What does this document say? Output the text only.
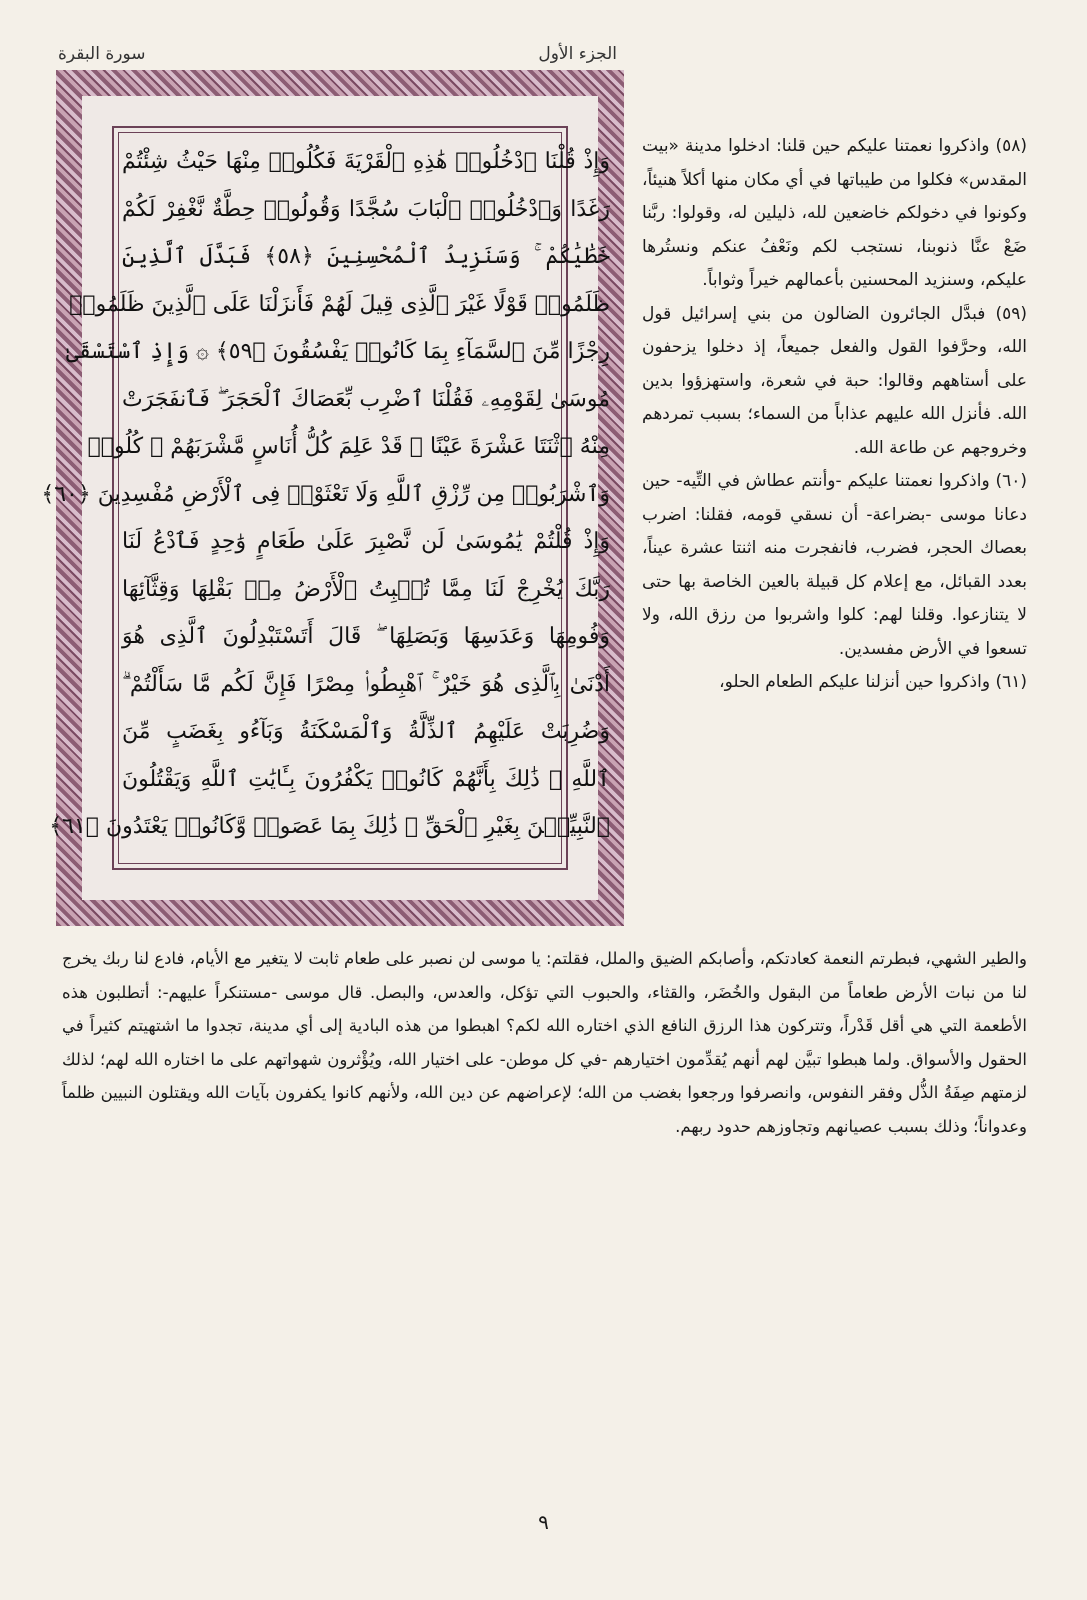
الجزء الأول
سورة البقرة
وَإِذْ قُلْنَا ٱدْخُلُوا۟ هَٰذِهِ ٱلْقَرْيَةَ فَكُلُوا۟ مِنْهَا حَيْثُ شِئْتُمْ
رَغَدًا وَٱدْخُلُوا۟ ٱلْبَابَ سُجَّدًا وَقُولُوا۟ حِطَّةٌ نَّغْفِرْ لَكُمْ
خَطَٰيَٰكُمْ ۚ وَسَنَزِيدُ ٱلْمُحْسِنِينَ ﴿٥٨﴾ فَبَدَّلَ ٱلَّذِينَ
ظَلَمُوا۟ قَوْلًا غَيْرَ ٱلَّذِى قِيلَ لَهُمْ فَأَنزَلْنَا عَلَى ٱلَّذِينَ ظَلَمُوا۟
رِجْزًا مِّنَ ٱلسَّمَآءِ بِمَا كَانُوا۟ يَفْسُقُونَ ﴿٥٩﴾ ۞ وَإِذِ ٱسْتَسْقَىٰ
مُوسَىٰ لِقَوْمِهِۦ فَقُلْنَا ٱضْرِب بِّعَصَاكَ ٱلْحَجَرَ ۖ فَٱنفَجَرَتْ
مِنْهُ ٱثْنَتَا عَشْرَةَ عَيْنًا ۖ قَدْ عَلِمَ كُلُّ أُنَاسٍ مَّشْرَبَهُمْ ۖ كُلُوا۟
وَٱشْرَبُوا۟ مِن رِّزْقِ ٱللَّهِ وَلَا تَعْثَوْا۟ فِى ٱلْأَرْضِ مُفْسِدِينَ ﴿٦٠﴾
وَإِذْ قُلْتُمْ يَٰمُوسَىٰ لَن نَّصْبِرَ عَلَىٰ طَعَامٍ وَٰحِدٍ فَٱدْعُ لَنَا
رَبَّكَ يُخْرِجْ لَنَا مِمَّا تُنۢبِتُ ٱلْأَرْضُ مِنۢ بَقْلِهَا وَقِثَّآئِهَا
وَفُومِهَا وَعَدَسِهَا وَبَصَلِهَا ۖ قَالَ أَتَسْتَبْدِلُونَ ٱلَّذِى هُوَ
أَدْنَىٰ بِٱلَّذِى هُوَ خَيْرٌ ۚ ٱهْبِطُوا۟ مِصْرًا فَإِنَّ لَكُم مَّا سَأَلْتُمْ ۗ
وَضُرِبَتْ عَلَيْهِمُ ٱلذِّلَّةُ وَٱلْمَسْكَنَةُ وَبَآءُو بِغَضَبٍ مِّنَ
ٱللَّهِ ۗ ذَٰلِكَ بِأَنَّهُمْ كَانُوا۟ يَكْفُرُونَ بِـَٔايَٰتِ ٱللَّهِ وَيَقْتُلُونَ
ٱلنَّبِيِّـۧنَ بِغَيْرِ ٱلْحَقِّ ۗ ذَٰلِكَ بِمَا عَصَوا۟ وَّكَانُوا۟ يَعْتَدُونَ ﴿٦١﴾

(٥٨) واذكروا نعمتنا عليكم حين قلنا: ادخلوا مدينة «بيت المقدس» فكلوا من طيباتها في أي مكان منها أكلاً هنيئاً، وكونوا في دخولكم خاضعين لله، ذليلين له، وقولوا: ربَّنا ضَعْ عنَّا ذنوبنا، نستجب لكم ونَعْفُ عنكم ونستُرها عليكم، وسنزيد المحسنين بأعمالهم خيراً وثواباً.

(٥٩) فبدَّل الجائرون الضالون من بني إسرائيل قول الله، وحرَّفوا القول والفعل جميعاً، إذ دخلوا يزحفون على أستاههم وقالوا: حبة في شعرة، واستهزؤوا بدين الله. فأنزل الله عليهم عذاباً من السماء؛ بسبب تمردهم وخروجهم عن طاعة الله.

(٦٠) واذكروا نعمتنا عليكم -وأنتم عطاش في التِّيه- حين دعانا موسى -بضراعة- أن نسقي قومه، فقلنا: اضرب بعصاك الحجر، فضرب، فانفجرت منه اثنتا عشرة عيناً، بعدد القبائل، مع إعلام كل قبيلة بالعين الخاصة بها حتى لا يتنازعوا. وقلنا لهم: كلوا واشربوا من رزق الله، ولا تسعوا في الأرض مفسدين.

(٦١) واذكروا حين أنزلنا عليكم الطعام الحلو،

والطير الشهي، فبطرتم النعمة كعادتكم، وأصابكم الضيق والملل، فقلتم: يا موسى لن نصبر على طعام ثابت لا يتغير مع الأيام، فادع لنا ربك يخرج لنا من نبات الأرض طعاماً من البقول والخُضَر، والقثاء، والحبوب التي تؤكل، والعدس، والبصل. قال موسى -مستنكراً عليهم-: أتطلبون هذه الأطعمة التي هي أقل قَدْراً، وتتركون هذا الرزق النافع الذي اختاره الله لكم؟ اهبطوا من هذه البادية إلى أي مدينة، تجدوا ما اشتهيتم كثيراً في الحقول والأسواق. ولما هبطوا تبيَّن لهم أنهم يُقدِّمون اختيارهم -في كل موطن- على اختيار الله، ويُؤْثرون شهواتهم على ما اختاره الله لهم؛ لذلك لزمتهم صِفَةُ الذُّل وفقر النفوس، وانصرفوا ورجعوا بغضب من الله؛ لإعراضهم عن دين الله، ولأنهم كانوا يكفرون بآيات الله ويقتلون النبيين ظلماً وعدواناً؛ وذلك بسبب عصيانهم وتجاوزهم حدود ربهم.

٩
